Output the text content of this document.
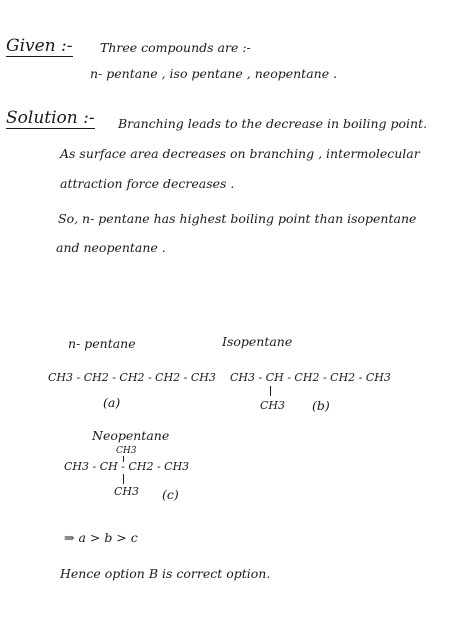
Given :- Three compounds are :-
n- pentane , iso pentane , neopentane .
Solution :- Branching leads to the decrease in boiling point.
As surface area decreases on branching , intermolecular
attraction force decreases .
So, n- pentane has highest boiling point than isopentane
and neopentane .
n- pentane
CH3 - CH2 - CH2 - CH2 - CH3
(a)
Isopentane
CH3 - CH - CH2 - CH2 - CH3
CH3 (b)
Neopentane
CH3
CH3 - CH - CH2 - CH3
CH3 (c)
⇒ a > b > c
Hence option B is correct option.
